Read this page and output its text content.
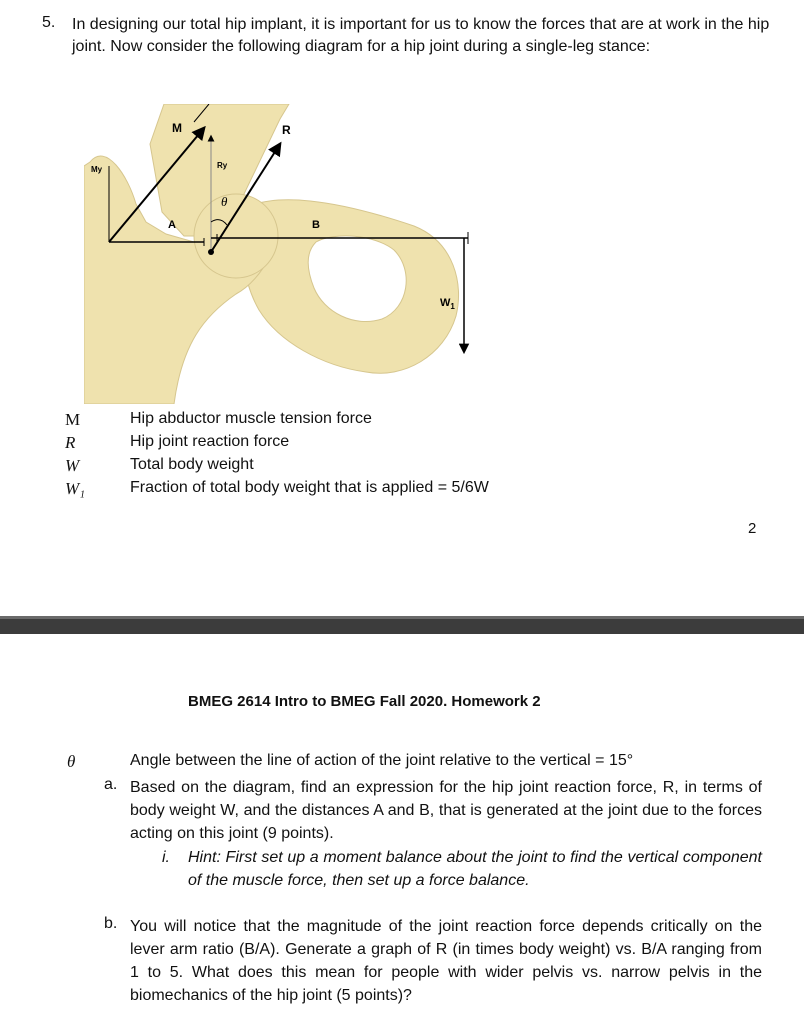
5. In designing our total hip implant, it is important for us to know the forces that are at work in the hip joint. Now consider the following diagram for a hip joint during a single-leg stance:
M	R
My	Ry
θ
A	B
$W_1$
M	Hip abductor muscle tension force
R	Hip joint reaction force
W	Total body weight
W₁	Fraction of total body weight that is applied = 5/6W
2
BMEG 2614 Intro to BMEG Fall 2020. Homework 2
θ	Angle between the line of action of the joint relative to the vertical = 15°
a. Based on the diagram, find an expression for the hip joint reaction force, R, in terms of body weight W, and the distances A and B, that is generated at the joint due to the forces acting on this joint (9 points).
i. Hint: First set up a moment balance about the joint to find the vertical component of the muscle force, then set up a force balance.
b. You will notice that the magnitude of the joint reaction force depends critically on the lever arm ratio (B/A). Generate a graph of R (in times body weight) vs. B/A ranging from 1 to 5. What does this mean for people with wider pelvis vs. narrow pelvis in the biomechanics of the hip joint (5 points)?
